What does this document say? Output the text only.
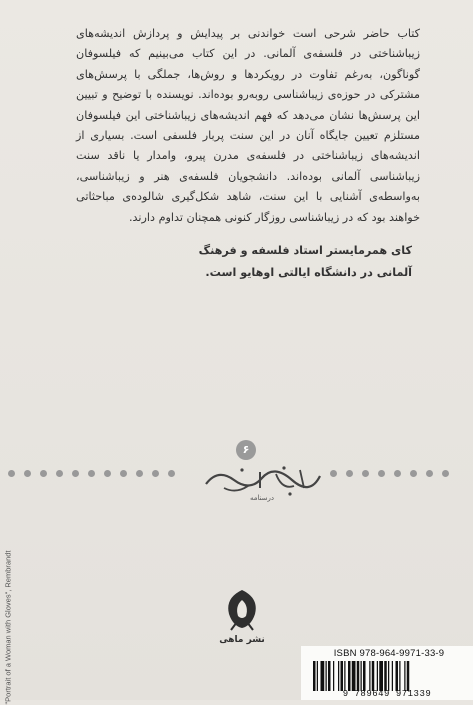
کتاب حاضر شرحی است خواندنی بر پیدایش و پردازش اندیشه‌های زیباشناختی در فلسفه‌ی آلمانی. در این کتاب می‌بینیم که فیلسوفان گوناگون، به‌رغم تفاوت در رویکردها و روش‌ها، جملگی با پرسش‌های مشترکی در حوزه‌ی زیباشناسی روبه‌رو بوده‌اند. نویسنده با توضیح و تبیین این پرسش‌ها نشان می‌دهد که فهم اندیشه‌های زیباشناختی این فیلسوفان مستلزم تعیین جایگاه آنان در این سنت پربار فلسفی است. بسیاری از اندیشه‌های زیباشناختی در فلسفه‌ی مدرن پیرو، وامدار یا ناقد سنت زیباشناسی آلمانی بوده‌اند. دانشجویان فلسفه‌ی هنر و زیباشناسی، به‌واسطه‌ی آشنایی با این سنت، شاهد شکل‌گیری شالوده‌ی مباحثاتی خواهند بود که در زیباشناسی روزگار کنونی همچنان تداوم دارند.
کای همرمایستر استاد فلسفه و فرهنگ
آلمانی در دانشگاه ایالتی اوهایو است.
۶
درسنامه
نشر ماهی
"Portrait of a Woman with Gloves", Rembrandt	ISBN 978-964-9971-33-9
9 789649 971339
